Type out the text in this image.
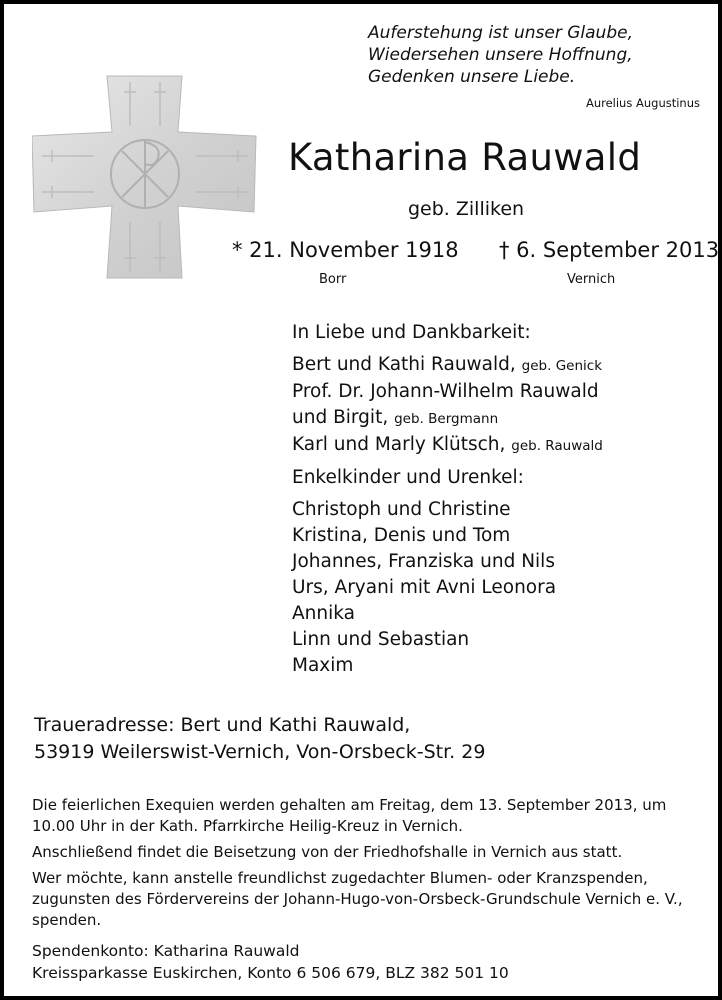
Auferstehung ist unser Glaube,
Wiedersehen unsere Hoffnung,
Gedenken unsere Liebe.
Aurelius Augustinus
Katharina Rauwald
geb. Zilliken
* 21. November 1918 † 6. September 2013
Borr	Vernich
In Liebe und Dankbarkeit:
Bert und Kathi Rauwald, geb. Genick
Prof. Dr. Johann-Wilhelm Rauwald
und Birgit, geb. Bergmann
Karl und Marly Klütsch, geb. Rauwald
Enkelkinder und Urenkel:
Christoph und Christine
Kristina, Denis und Tom
Johannes, Franziska und Nils
Urs, Aryani mit Avni Leonora
Annika
Linn und Sebastian
Maxim
Traueradresse: Bert und Kathi Rauwald,
53919 Weilerswist-Vernich, Von-Orsbeck-Str. 29

Die feierlichen Exequien werden gehalten am Freitag, dem 13. September 2013, um 10.00 Uhr in der Kath. Pfarrkirche Heilig-Kreuz in Vernich.

Anschließend findet die Beisetzung von der Friedhofshalle in Vernich aus statt.

Wer möchte, kann anstelle freundlichst zugedachter Blumen- oder Kranzspenden, zugunsten des Fördervereins der Johann-Hugo-von-Orsbeck-Grundschule Vernich e. V., spenden.

Spendenkonto: Katharina Rauwald
Kreissparkasse Euskirchen, Konto 6 506 679, BLZ 382 501 10
